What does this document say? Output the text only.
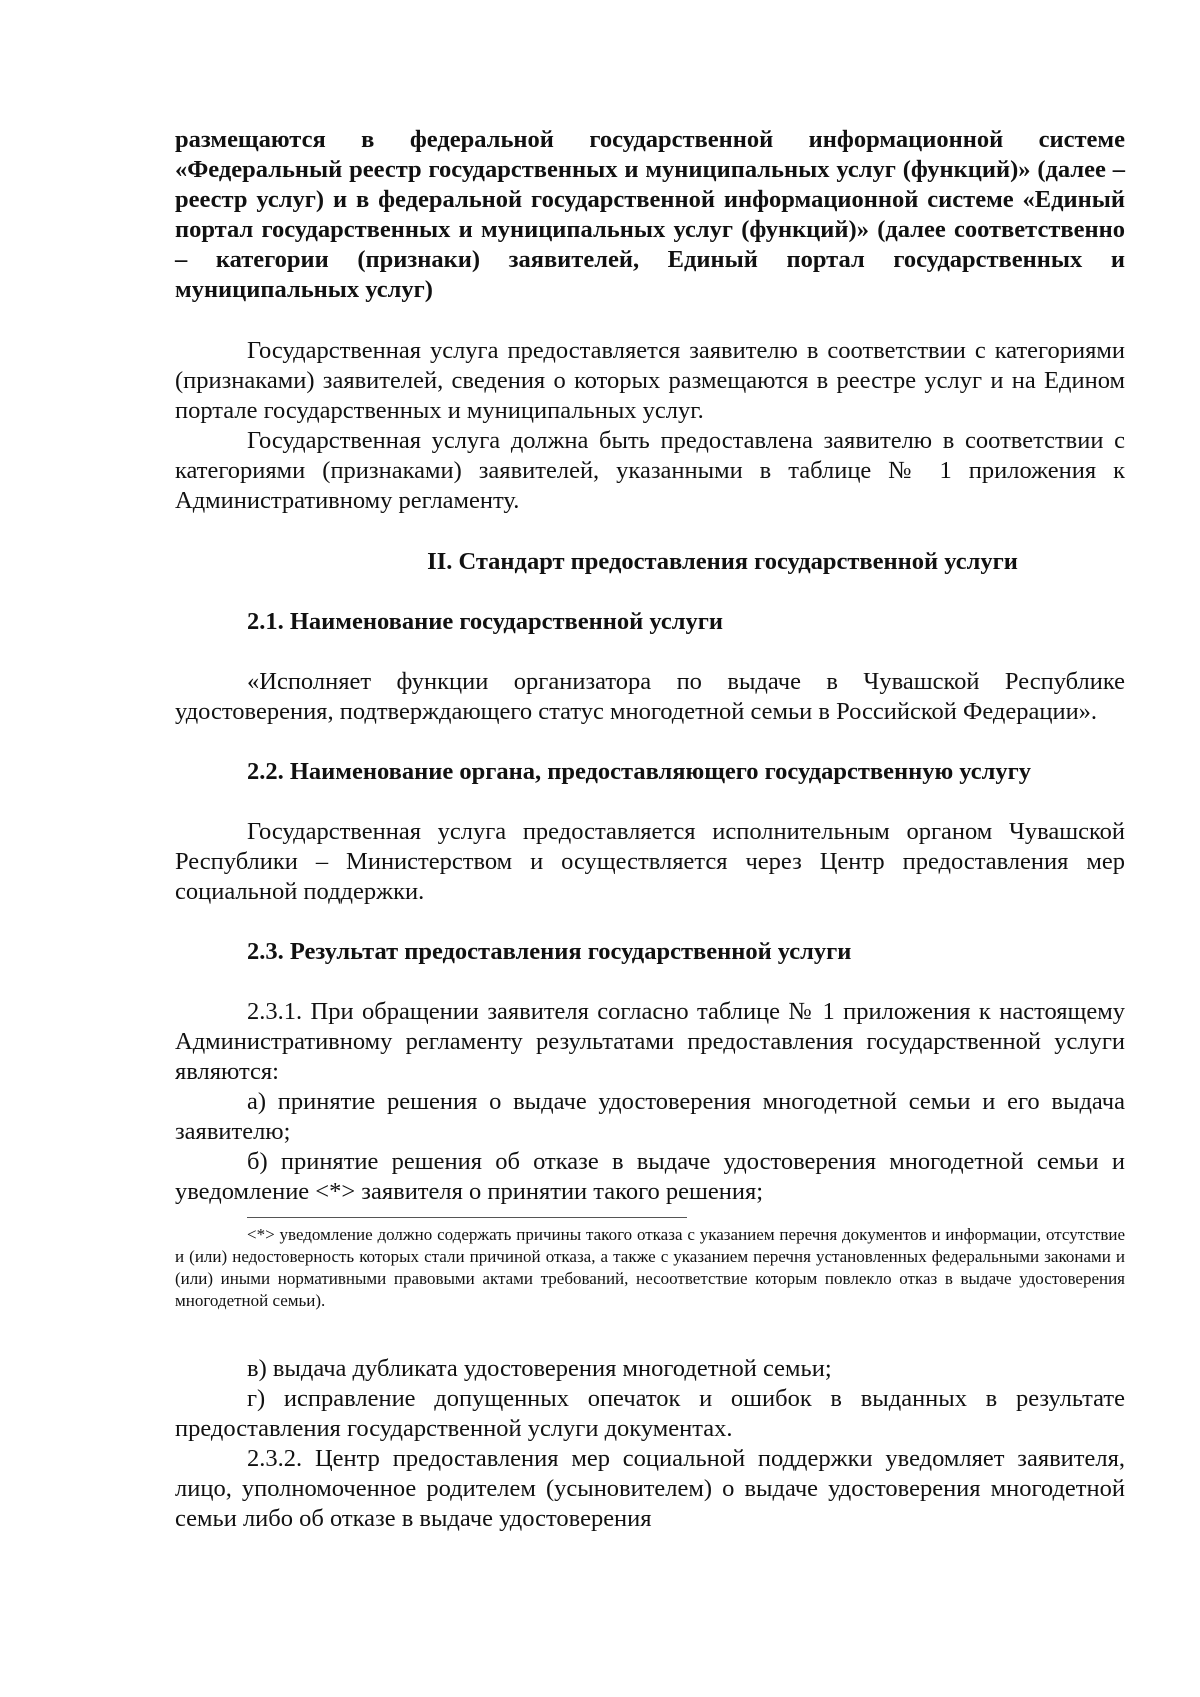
размещаются в федеральной государственной информационной системе «Федеральный реестр государственных и муниципальных услуг (функций)» (далее – реестр услуг) и в федеральной государственной информационной системе «Единый портал государственных и муниципальных услуг (функций)» (далее соответственно – категории (признаки) заявителей, Единый портал государственных и муниципальных услуг)

Государственная услуга предоставляется заявителю в соответствии с категориями (признаками) заявителей, сведения о которых размещаются в реестре услуг и на Едином портале государственных и муниципальных услуг.

Государственная услуга должна быть предоставлена заявителю в соответствии с категориями (признаками) заявителей, указанными в таблице № 1 приложения к Административному регламенту.

II. Стандарт предоставления государственной услуги

2.1. Наименование государственной услуги

«Исполняет функции организатора по выдаче в Чувашской Республике удостоверения, подтверждающего статус многодетной семьи в Российской Федерации».

2.2. Наименование органа, предоставляющего государственную услугу

Государственная услуга предоставляется исполнительным органом Чувашской Республики – Министерством и осуществляется через Центр предоставления мер социальной поддержки.

2.3. Результат предоставления государственной услуги

2.3.1. При обращении заявителя согласно таблице № 1 приложения к настоящему Административному регламенту результатами предоставления государственной услуги являются:

а) принятие решения о выдаче удостоверения многодетной семьи и его выдача заявителю;

б) принятие решения об отказе в выдаче удостоверения многодетной семьи и уведомление <*> заявителя о принятии такого решения;

<*> уведомление должно содержать причины такого отказа с указанием перечня документов и информации, отсутствие и (или) недостоверность которых стали причиной отказа, а также с указанием перечня установленных федеральными законами и (или) иными нормативными правовыми актами требований, несоответствие которым повлекло отказ в выдаче удостоверения многодетной семьи).

в) выдача дубликата удостоверения многодетной семьи;

г) исправление допущенных опечаток и ошибок в выданных в результате предоставления государственной услуги документах.

2.3.2. Центр предоставления мер социальной поддержки уведомляет заявителя, лицо, уполномоченное родителем (усыновителем) о выдаче удостоверения многодетной семьи либо об отказе в выдаче удостоверения
